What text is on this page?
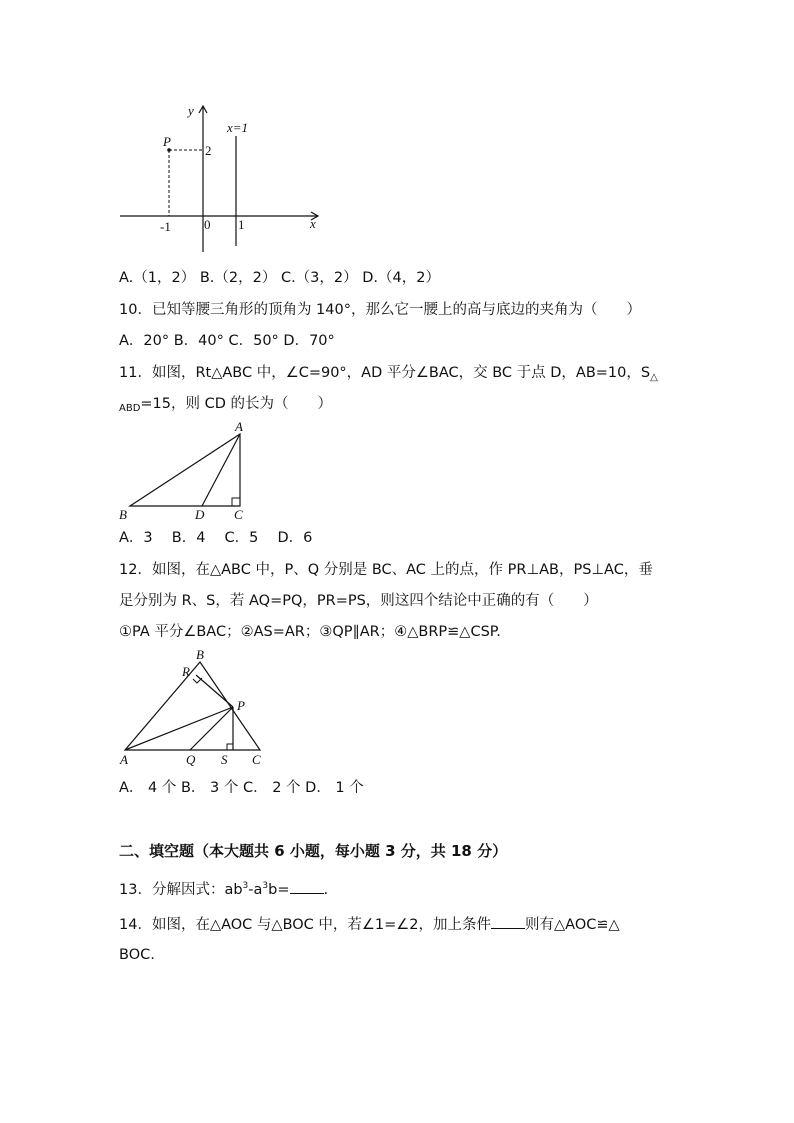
y
x
x=1
P
2
-1	0 1
A.（1，2） B.（2，2） C.（3，2） D.（4，2）
10．已知等腰三角形的顶角为 140°，那么它一腰上的高与底边的夹角为（　　）
A．20° B．40° C．50° D．70°
11．如图，Rt△ABC 中，∠C=90°，AD 平分∠BAC，交 BC 于点 D，AB=10，$S_\triangle$
$_{ABD}$=15，则 CD 的长为（　　）
A
B	D C
A．3　 B．4　 C．5　 D．6
12．如图，在△ABC 中，P、Q 分别是 BC、AC 上的点，作 PR⊥AB，PS⊥AC，垂
足分别为 R、S，若 AQ=PQ，PR=PS，则这四个结论中正确的有（　　）
①PA 平分∠BAC；②AS=AR；③QP∥AR；④△BRP≌△CSP.
B
R
P
A	Q S C
A． 4 个 B． 3 个 C． 2 个 D． 1 个
二、填空题（本大题共 6 小题，每小题 3 分，共 18 分）
13．分解因式：$ab^3-a^3b=$ .
14．如图，在△AOC 与△BOC 中，若∠1=∠2，加上条件 则有△AOC≌△
BOC.
